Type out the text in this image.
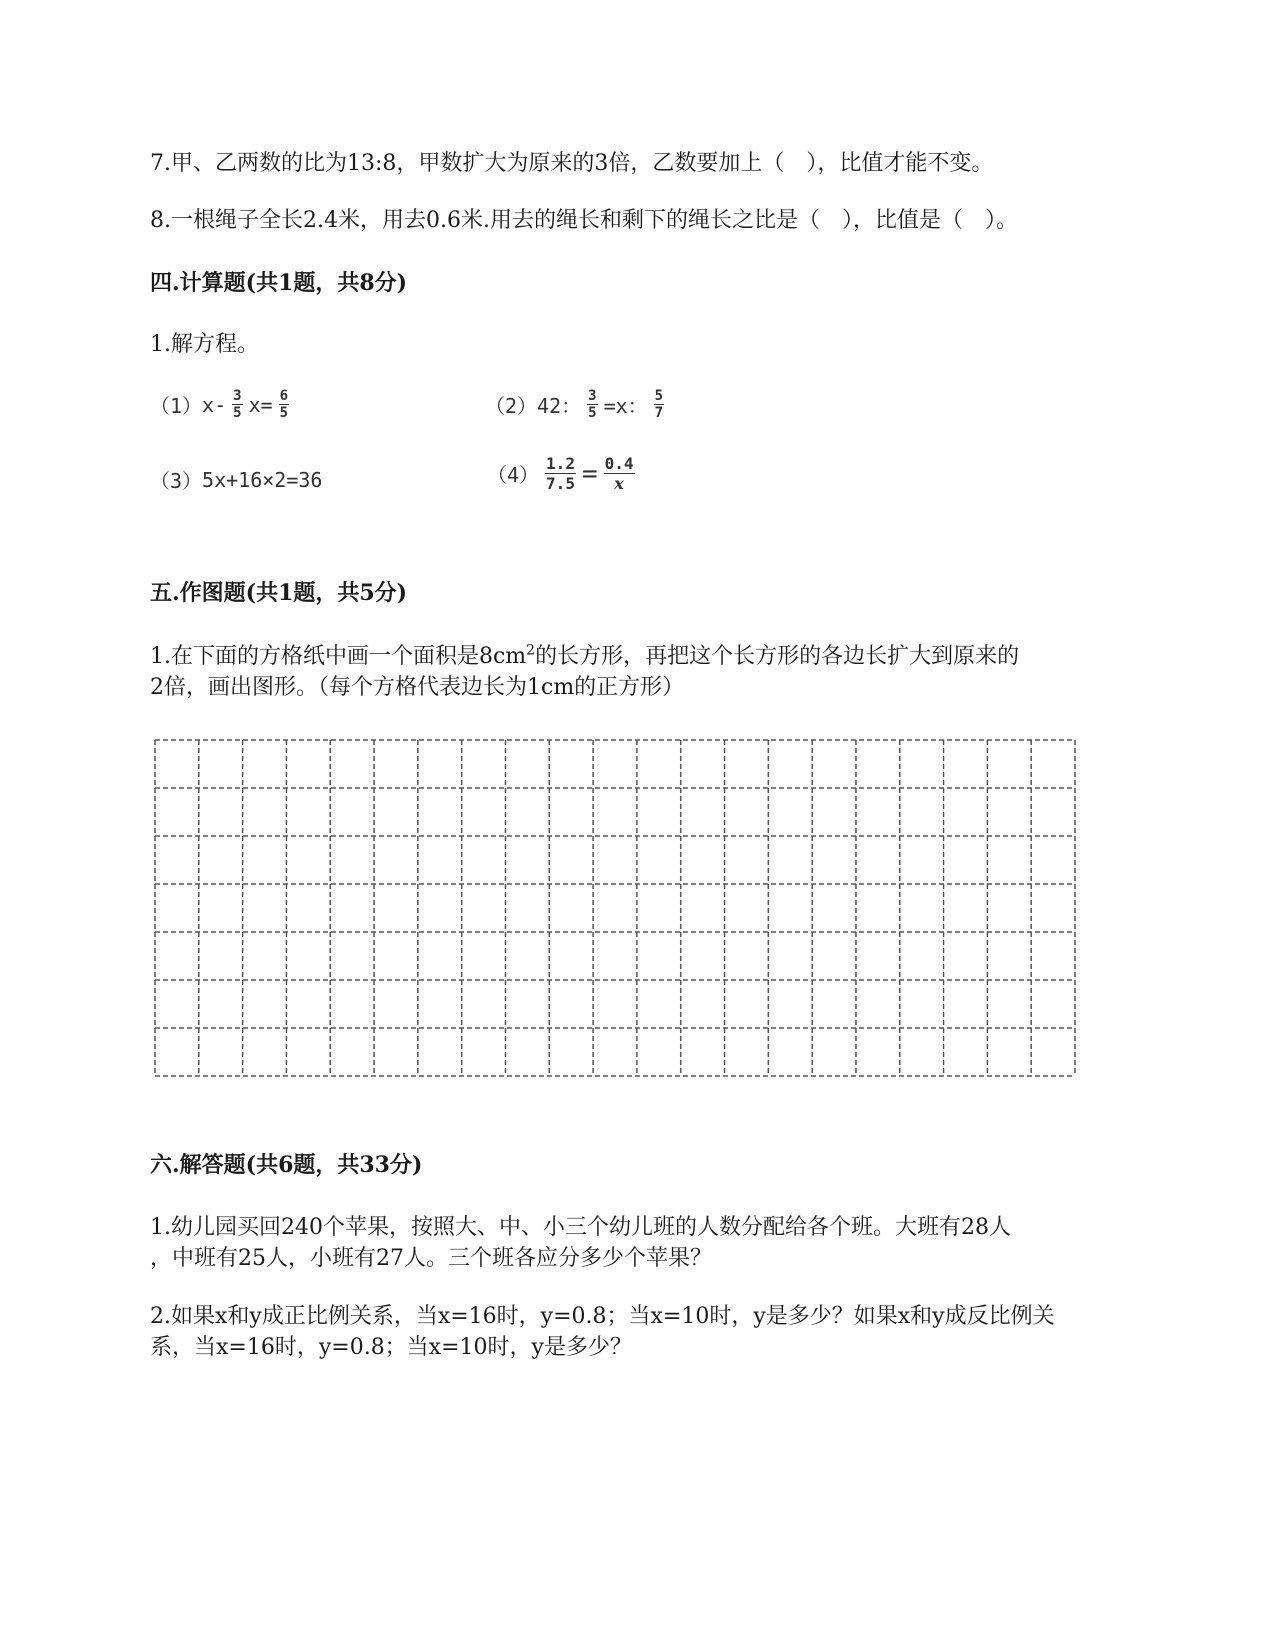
7.甲、乙两数的比为13:8，甲数扩大为原来的3倍，乙数要加上（　），比值才能不变。
8.一根绳子全长2.4米，用去0.6米.用去的绳长和剩下的绳长之比是（　），比值是（　）。
四.计算题(共1题，共8分)
1.解方程。
（1） $x- \frac{3}{5} x= \frac{6}{5}$	（2） 42： $\frac{3}{5} =x$： $\frac{5}{7}$
（3） 5x+16×2=36	$(4) \frac{1.2}{7.5} = \frac{0.4}{x}$
五.作图题(共1题，共5分)
1.在下面的方格纸中画一个面积是$8cm^2$的长方形，再把这个长方形的各边长扩大到原来的
2倍，画出图形。（每个方格代表边长为1cm的正方形）
六.解答题(共6题，共33分)
1.幼儿园买回240个苹果，按照大、中、小三个幼儿班的人数分配给各个班。大班有28人
，中班有25人，小班有27人。三个班各应分多少个苹果？
2.如果x和y成正比例关系，当x=16时，y=0.8；当x=10时，y是多少？如果x和y成反比例关
系，当x=16时，y=0.8；当x=10时，y是多少？
